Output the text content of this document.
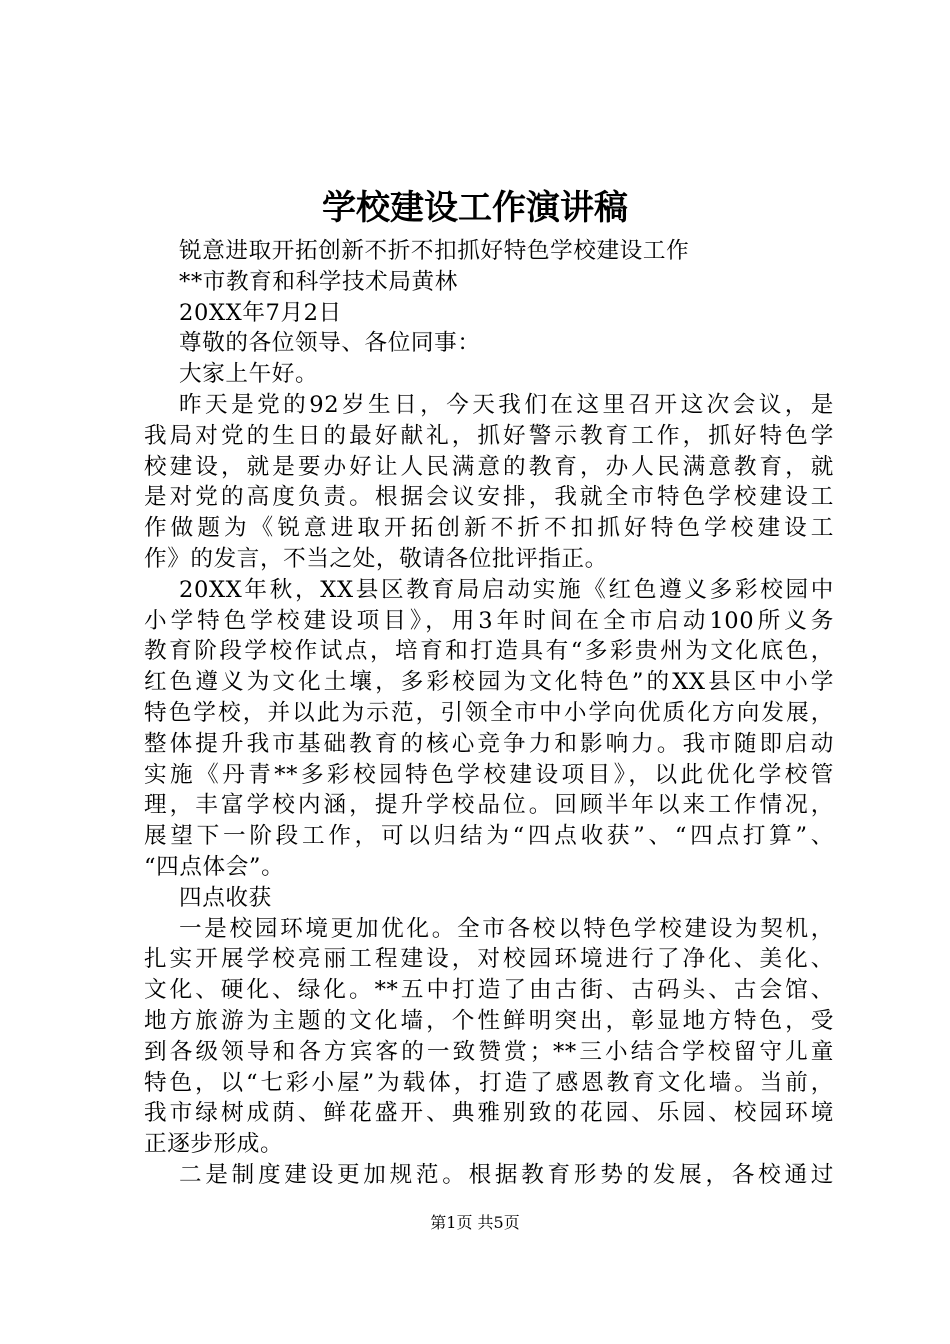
学校建设工作演讲稿
锐意进取开拓创新不折不扣抓好特色学校建设工作
**市教育和科学技术局黄林
20XX年7月2日
尊敬的各位领导、各位同事：
大家上午好。
昨天是党的92岁生日，今天我们在这里召开这次会议，是
我局对党的生日的最好献礼，抓好警示教育工作，抓好特色学
校建设，就是要办好让人民满意的教育，办人民满意教育，就
是对党的高度负责。根据会议安排，我就全市特色学校建设工
作做题为《锐意进取开拓创新不折不扣抓好特色学校建设工
作》的发言，不当之处，敬请各位批评指正。
20XX年秋，XX县区教育局启动实施《红色遵义多彩校园中
小学特色学校建设项目》，用3年时间在全市启动100所义务
教育阶段学校作试点，培育和打造具有“多彩贵州为文化底色，
红色遵义为文化土壤，多彩校园为文化特色”的XX县区中小学
特色学校，并以此为示范，引领全市中小学向优质化方向发展，
整体提升我市基础教育的核心竞争力和影响力。我市随即启动
实施《丹青**多彩校园特色学校建设项目》，以此优化学校管
理，丰富学校内涵，提升学校品位。回顾半年以来工作情况，
展望下一阶段工作，可以归结为“四点收获”、“四点打算”、
“四点体会”。
四点收获
一是校园环境更加优化。全市各校以特色学校建设为契机，
扎实开展学校亮丽工程建设，对校园环境进行了净化、美化、
文化、硬化、绿化。**五中打造了由古街、古码头、古会馆、
地方旅游为主题的文化墙，个性鲜明突出，彰显地方特色，受
到各级领导和各方宾客的一致赞赏；**三小结合学校留守儿童
特色，以“七彩小屋”为载体，打造了感恩教育文化墙。当前，
我市绿树成荫、鲜花盛开、典雅别致的花园、乐园、校园环境
正逐步形成。
二是制度建设更加规范。根据教育形势的发展，各校通过
第1页 共5页
